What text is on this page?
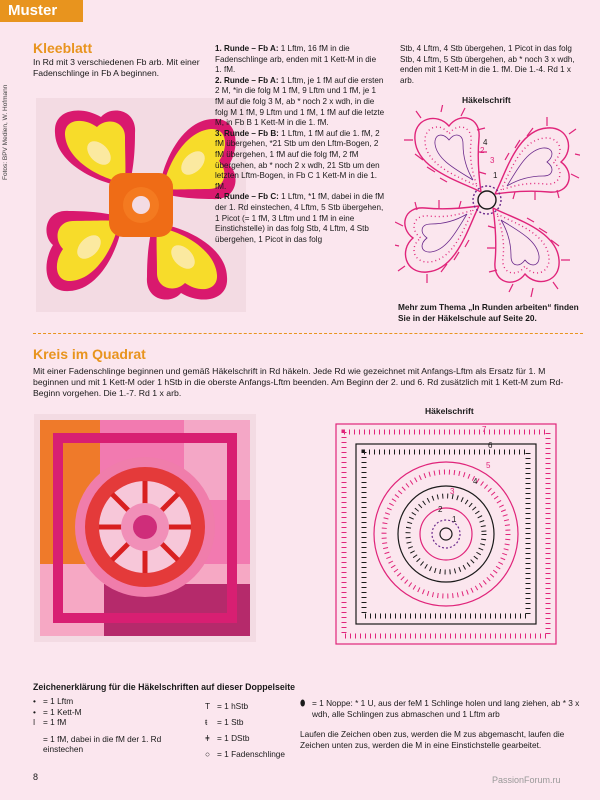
Muster
Fotos: BPV Medien, W. Hofmann
Kleeblatt
In Rd mit 3 verschiedenen Fb arb. Mit einer Fadenschlinge in Fb A beginnen.
1. Runde – Fb A: 1 Lftm, 16 fM in die Fadenschlinge arb, enden mit 1 Kett-M in die 1. fM.
2. Runde – Fb A: 1 Lftm, je 1 fM auf die ersten 2 M, *in die folg M 1 fM, 9 Lftm und 1 fM, je 1 fM auf die folg 3 M, ab * noch 2 x wdh, in die folg M 1 fM, 9 Lftm und 1 fM, 1 fM auf die letzte M, in Fb B 1 Kett-M in die 1. fM.
3. Runde – Fb B: 1 Lftm, 1 fM auf die 1. fM, 2 fM übergehen, *21 Stb um den Lftm-Bogen, 2 fM übergehen, 1 fM auf die folg fM, 2 fM übergehen, ab * noch 2 x wdh, 21 Stb um den letzten Lftm-Bogen, in Fb C 1 Kett-M in die 1. fM.
4. Runde – Fb C: 1 Lftm, *1 fM, dabei in die fM der 1. Rd einstechen, 4 Lftm, 5 Stb übergehen, 1 Picot (= 1 fM, 3 Lftm und 1 fM in eine Einstichstelle) in das folg Stb, 4 Lftm, 4 Stb übergehen, 1 Picot in das folg
Stb, 4 Lftm, 4 Stb übergehen, 1 Picot in das folg Stb, 4 Lftm, 5 Stb übergehen, ab * noch 3 x wdh, enden mit 1 Kett-M in die 1. fM. Die 1.-4. Rd 1 x arb.
Häkelschrift
4
2
3
1
Mehr zum Thema „In Runden arbeiten“ finden Sie in der Häkelschule auf Seite 20.
Kreis im Quadrat
Mit einer Fadenschlinge beginnen und gemäß Häkelschrift in Rd häkeln. Jede Rd wie gezeichnet mit Anfangs-Lftm als Ersatz für 1. M beginnen und mit 1 Kett-M oder 1 hStb in die oberste Anfangs-Lftm beenden. Am Beginn der 2. und 6. Rd zusätzlich mit 1 Kett-M zum Rd-Beginn vorgehen. Die 1.-7. Rd 1 x arb.
Häkelschrift
1
2
3
4
5
6
7
Zeichenerklärung für die Häkelschriften auf dieser Doppelseite
• = 1 Lftm
• = 1 Kett-M
ǀ = 1 fM
= 1 fM, dabei in die fM der 1. Rd einstechen
T = 1 hStb
ŧ = 1 Stb
ǂ = 1 DStb
○ = 1 Fadenschlinge
⬮ = 1 Noppe: * 1 U, aus der feM 1 Schlinge holen und lang ziehen, ab * 3 x wdh, alle Schlingen zus abmaschen und 1 Lftm arb
Laufen die Zeichen oben zus, werden die M zus abgemascht, laufen die Zeichen unten zus, werden die M in eine Einstichstelle gearbeitet.
8	PassionForum.ru
